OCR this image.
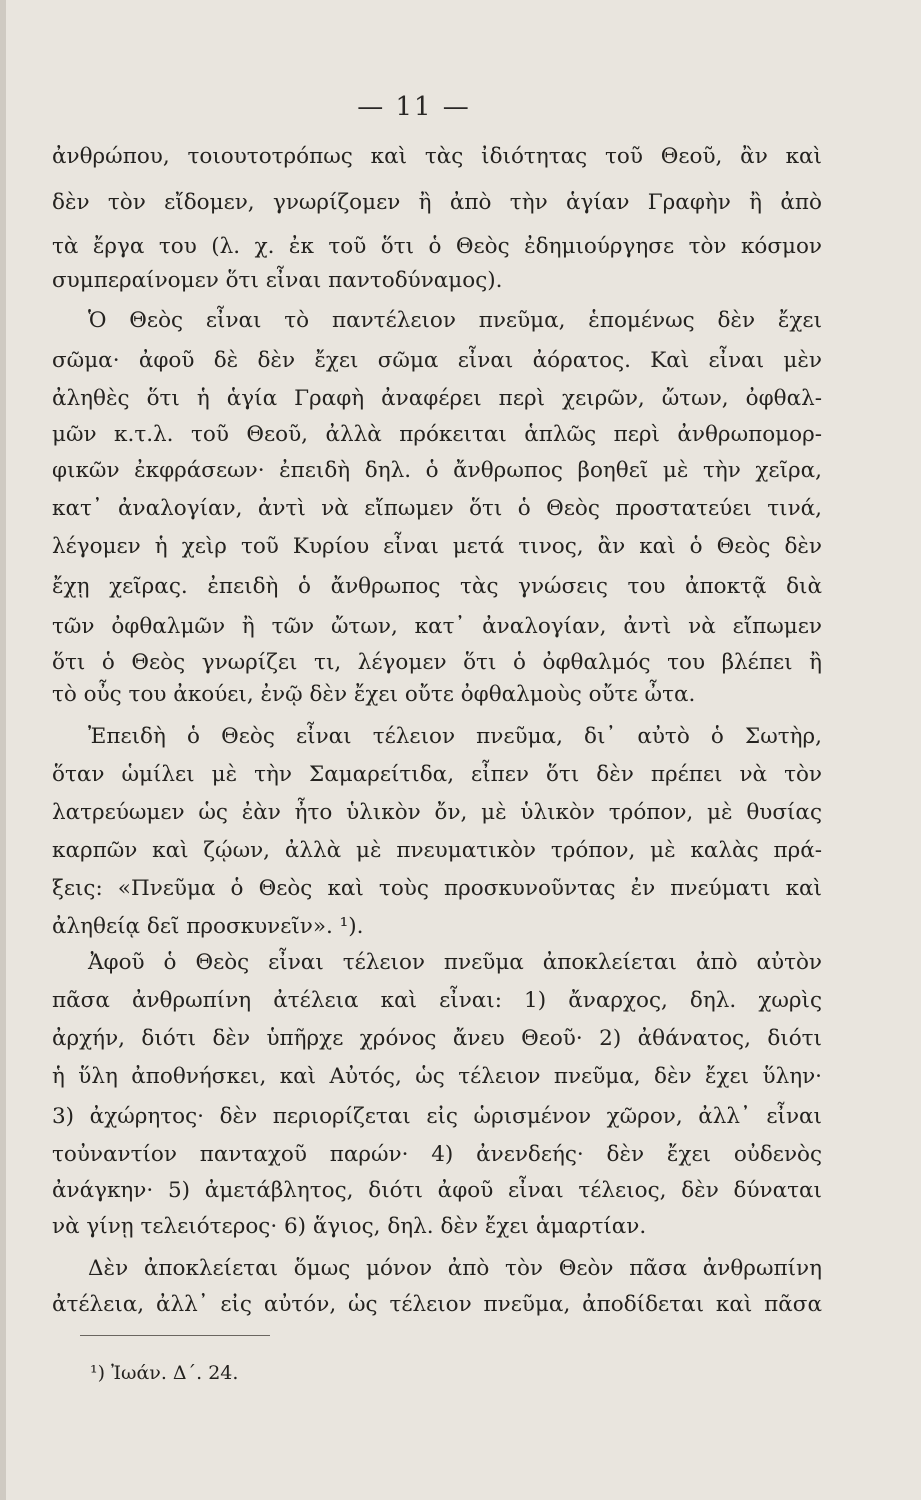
— 11 —
ἀνθρώπου, τοιουτοτρόπως καὶ τὰς ἰδιότητας τοῦ Θεοῦ, ἂν καὶ
δὲν τὸν εἴδομεν, γνωρίζομεν ἢ ἀπὸ τὴν ἁγίαν Γραφὴν ἢ ἀπὸ
τὰ ἔργα του (λ. χ. ἐκ τοῦ ὅτι ὁ Θεὸς ἐδημιούργησε τὸν κόσμον
συμπεραίνομεν ὅτι εἶναι παντοδύναμος).
Ὁ Θεὸς εἶναι τὸ παντέλειον πνεῦμα, ἑπομένως δὲν ἔχει
σῶμα· ἀφοῦ δὲ δὲν ἔχει σῶμα εἶναι ἀόρατος. Καὶ εἶναι μὲν
ἀληθὲς ὅτι ἡ ἁγία Γραφὴ ἀναφέρει περὶ χειρῶν, ὤτων, ὀφθαλ-
μῶν κ.τ.λ. τοῦ Θεοῦ, ἀλλὰ πρόκειται ἁπλῶς περὶ ἀνθρωπομορ-
φικῶν ἐκφράσεων· ἐπειδὴ δηλ. ὁ ἄνθρωπος βοηθεῖ μὲ τὴν χεῖρα,
κατ᾿ ἀναλογίαν, ἀντὶ νὰ εἴπωμεν ὅτι ὁ Θεὸς προστατεύει τινά,
λέγομεν ἡ χεὶρ τοῦ Κυρίου εἶναι μετά τινος, ἂν καὶ ὁ Θεὸς δὲν
ἔχῃ χεῖρας. ἐπειδὴ ὁ ἄνθρωπος τὰς γνώσεις του ἀποκτᾷ διὰ
τῶν ὀφθαλμῶν ἢ τῶν ὤτων, κατ᾿ ἀναλογίαν, ἀντὶ νὰ εἴπωμεν
ὅτι ὁ Θεὸς γνωρίζει τι, λέγομεν ὅτι ὁ ὀφθαλμός του βλέπει ἢ
τὸ οὖς του ἀκούει, ἐνῷ δὲν ἔχει οὔτε ὀφθαλμοὺς οὔτε ὦτα.
Ἐπειδὴ ὁ Θεὸς εἶναι τέλειον πνεῦμα, δι᾿ αὐτὸ ὁ Σωτὴρ,
ὅταν ὡμίλει μὲ τὴν Σαμαρείτιδα, εἶπεν ὅτι δὲν πρέπει νὰ τὸν
λατρεύωμεν ὡς ἐὰν ἦτο ὑλικὸν ὄν, μὲ ὑλικὸν τρόπον, μὲ θυσίας
καρπῶν καὶ ζῴων, ἀλλὰ μὲ πνευματικὸν τρόπον, μὲ καλὰς πρά-
ξεις: «Πνεῦμα ὁ Θεὸς καὶ τοὺς προσκυνοῦντας ἐν πνεύματι καὶ
ἀληθείᾳ δεῖ προσκυνεῖν». ¹).
Ἀφοῦ ὁ Θεὸς εἶναι τέλειον πνεῦμα ἀποκλείεται ἀπὸ αὐτὸν
πᾶσα ἀνθρωπίνη ἀτέλεια καὶ εἶναι: 1) ἄναρχος, δηλ. χωρὶς
ἀρχήν, διότι δὲν ὑπῆρχε χρόνος ἄνευ Θεοῦ· 2) ἀθάνατος, διότι
ἡ ὕλη ἀποθνήσκει, καὶ Αὐτός, ὡς τέλειον πνεῦμα, δὲν ἔχει ὕλην·
3) ἀχώρητος· δὲν περιορίζεται εἰς ὡρισμένον χῶρον, ἀλλ᾿ εἶναι
τοὐναντίον πανταχοῦ παρών· 4) ἀνενδεής· δὲν ἔχει οὐδενὸς
ἀνάγκην· 5) ἀμετάβλητος, διότι ἀφοῦ εἶναι τέλειος, δὲν δύναται
νὰ γίνῃ τελειότερος· 6) ἅγιος, δηλ. δὲν ἔχει ἁμαρτίαν.
Δὲν ἀποκλείεται ὅμως μόνον ἀπὸ τὸν Θεὸν πᾶσα ἀνθρωπίνη
ἀτέλεια, ἀλλ᾿ εἰς αὐτόν, ὡς τέλειον πνεῦμα, ἀποδίδεται καὶ πᾶσα
¹) Ἰωάν. Δ΄. 24.
